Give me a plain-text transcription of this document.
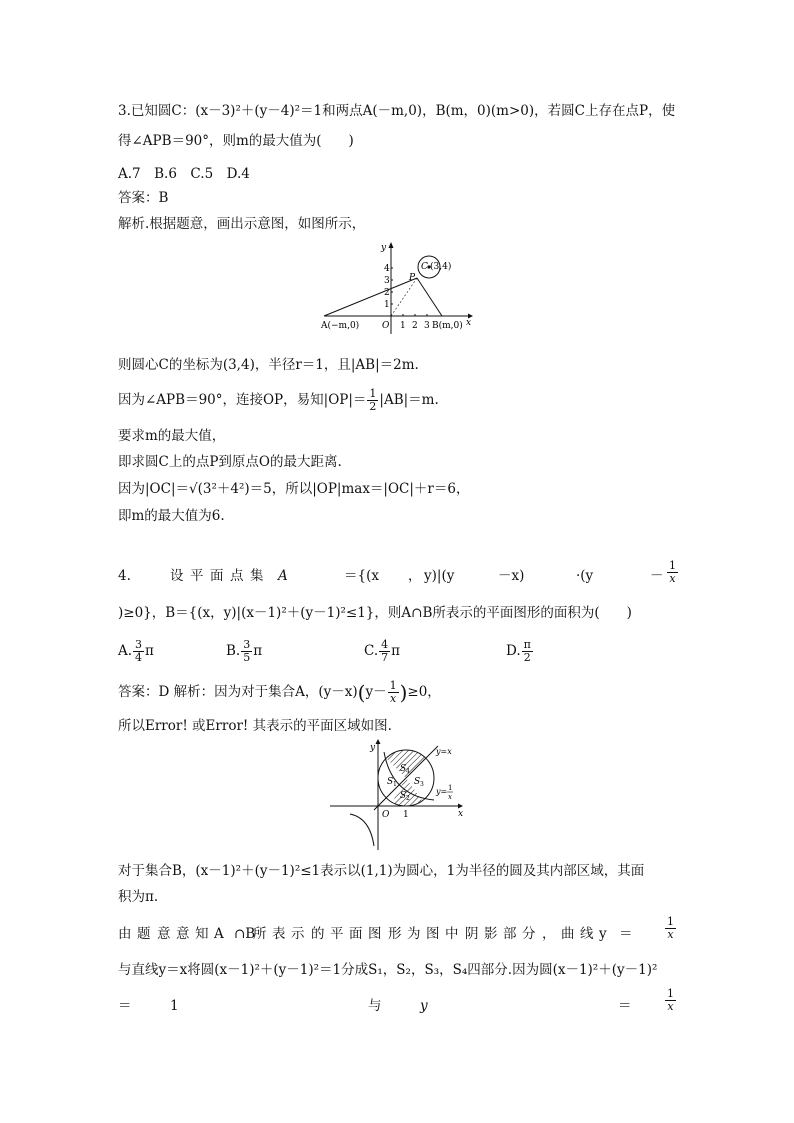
3.已知圆C：(x－3)²＋(y－4)²＝1和两点A(－m,0)，B(m，0)(m>0)，若圆C上存在点P，使
得∠APB＝90°，则m的最大值为(　　)
A.7　B.6　C.5　D.4
答案：B
解析.根据题意，画出示意图，如图所示，
y
x
C (3,4)
P
A(−m,0)	O	B(m,0)
1 2 3
1
2
3
4
则圆心C的坐标为(3,4)，半径r＝1，且|AB|＝2m.
因为∠APB＝90°，连接OP，易知$|OP|= \frac{1}{2} |AB|=m$.
要求m的最大值，
即求圆C上的点P到原点O的最大距离.
因为|OC|＝√(3²＋4²)＝5，所以|OP|max＝|OC|＋r＝6，
即m的最大值为6.
4.	设 平 面 点 集 A	＝{(x ， y)|(y	－x)	·(y	－ $\frac{1}{x}$
)≥0}，B＝{(x，y)|(x－1)²＋(y－1)²≤1}，则A∩B所表示的平面图形的面积为(　　)
A. $\frac{3}{4}$ π	B. $\frac{3}{5}$ π	C. $\frac{4}{7}$ π	D. $\frac{\pi}{2}$
答案：D 解析：因为对于集合A，$(y-x)(y- \frac{1}{x} )\ge 0$，
所以Error! 或Error! 其表示的平面区域如图.
y
x
O 1
y=x
y= 1
x
S 4
S 1 S 3
S 2
对于集合B，(x－1)²＋(y－1)²≤1表示以(1,1)为圆心，1为半径的圆及其内部区域，其面
积为π.
由 题 意 意 知 A ∩B
所 表 示 的 平 面 图 形 为 图 中 阴 影 部 分 ， 曲 线 y ＝	$\frac{1}{x}$
与直线y＝x将圆(x－1)²＋(y－1)²＝1分成S₁，S₂，S₃，S₄四部分.因为圆(x－1)²＋(y－1)²
＝	1	与	y	＝	$\frac{1}{x}$
